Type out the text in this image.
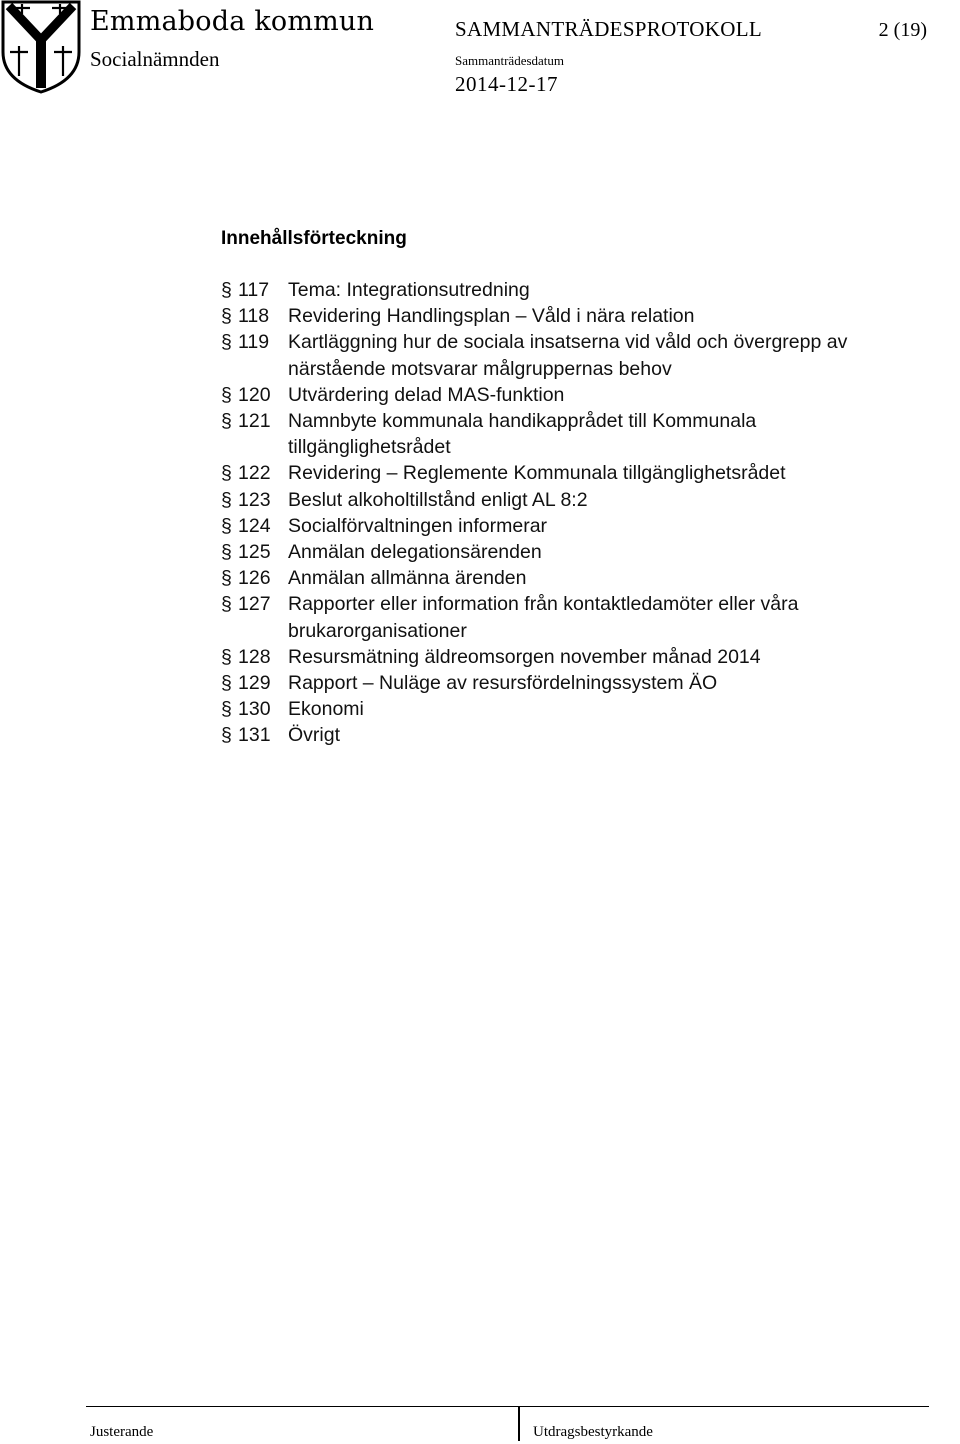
Emmaboda kommun
Socialnämnden
SAMMANTRÄDESPROTOKOLL	2 (19)
Sammanträdesdatum
2014-12-17
Innehållsförteckning
§ 117 Tema: Integrationsutredning
§ 118 Revidering Handlingsplan – Våld i nära relation
§ 119 Kartläggning hur de sociala insatserna vid våld och övergrepp av närstående motsvarar målgruppernas behov
§ 120 Utvärdering delad MAS-funktion
§ 121 Namnbyte kommunala handikapprådet till Kommunala tillgänglighetsrådet
§ 122 Revidering – Reglemente Kommunala tillgänglighetsrådet
§ 123 Beslut alkoholtillstånd enligt AL 8:2
§ 124 Socialförvaltningen informerar
§ 125 Anmälan delegationsärenden
§ 126 Anmälan allmänna ärenden
§ 127 Rapporter eller information från kontaktledamöter eller våra brukarorganisationer
§ 128 Resursmätning äldreomsorgen november månad 2014
§ 129 Rapport – Nuläge av resursfördelningssystem ÄO
§ 130 Ekonomi
§ 131 Övrigt
Justerande	Utdragsbestyrkande
